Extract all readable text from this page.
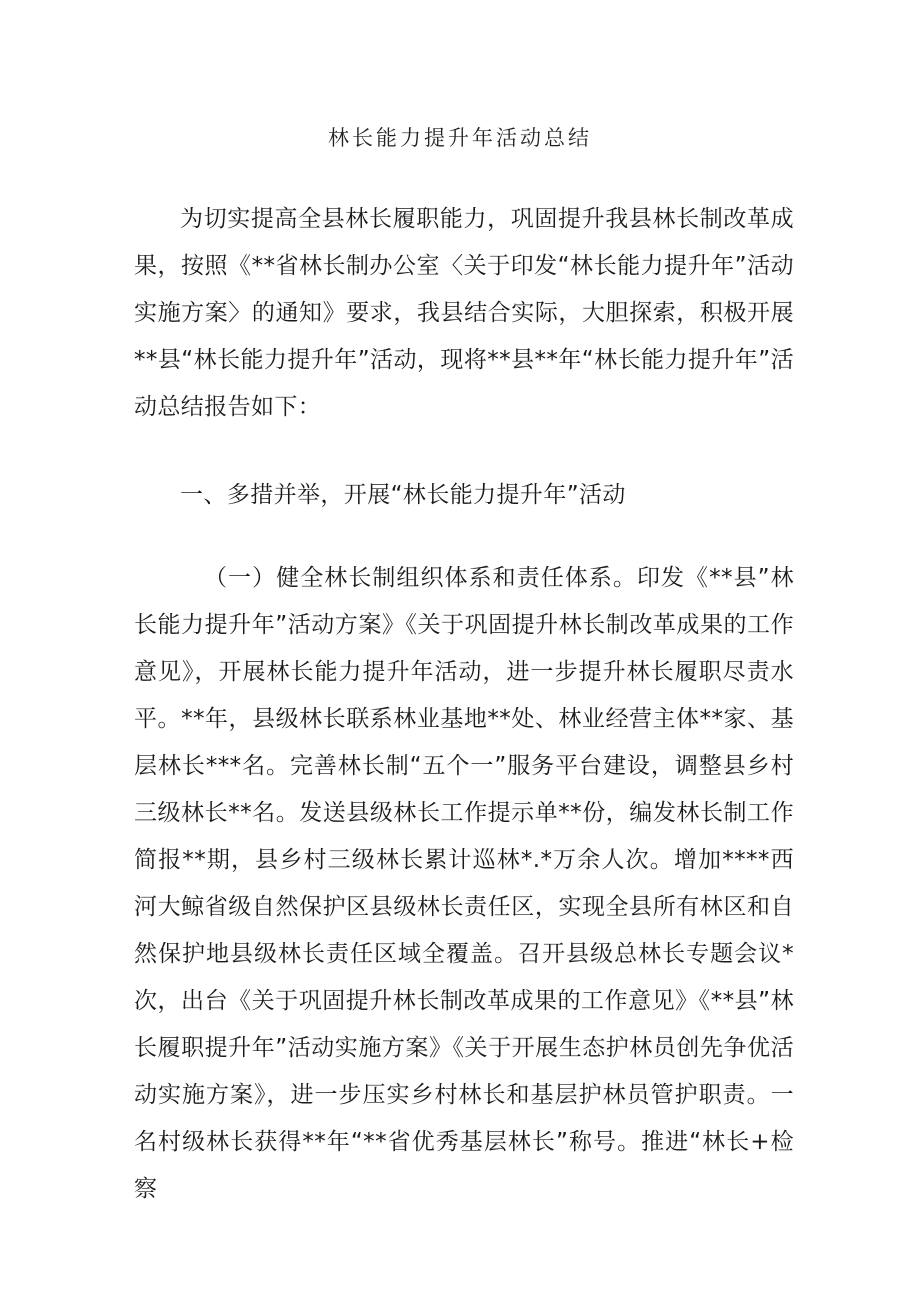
林长能力提升年活动总结

为切实提高全县林长履职能力，巩固提升我县林长制改革成果，按照《**省林长制办公室〈关于印发“林长能力提升年”活动实施方案〉的通知》要求，我县结合实际，大胆探索，积极开展**县“林长能力提升年”活动，现将**县**年“林长能力提升年”活动总结报告如下：

一、多措并举，开展“林长能力提升年”活动

（一）健全林长制组织体系和责任体系。印发《**县”林长能力提升年”活动方案》《关于巩固提升林长制改革成果的工作意见》，开展林长能力提升年活动，进一步提升林长履职尽责水平。**年，县级林长联系林业基地**处、林业经营主体**家、基层林长***名。完善林长制“五个一”服务平台建设，调整县乡村三级林长**名。发送县级林长工作提示单**份，编发林长制工作简报**期，县乡村三级林长累计巡林*.*万余人次。增加****西河大鲸省级自然保护区县级林长责任区，实现全县所有林区和自然保护地县级林长责任区域全覆盖。召开县级总林长专题会议*次，出台《关于巩固提升林长制改革成果的工作意见》《**县”林长履职提升年”活动实施方案》《关于开展生态护林员创先争优活动实施方案》，进一步压实乡村林长和基层护林员管护职责。一名村级林长获得**年“**省优秀基层林长”称号。推进“林长+检察
